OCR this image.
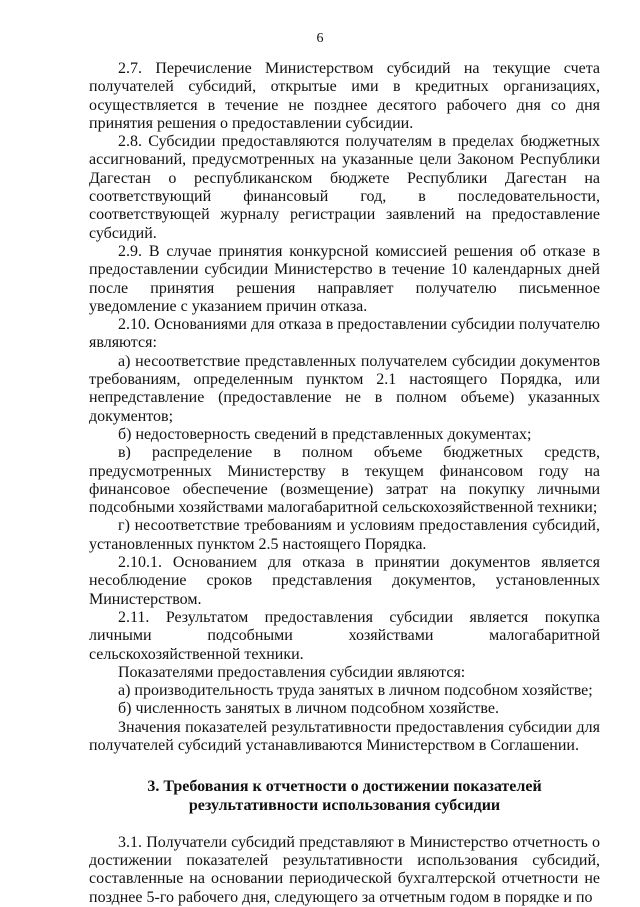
6

2.7. Перечисление Министерством субсидий на текущие счета получателей субсидий, открытые ими в кредитных организациях, осуществляется в течение не позднее десятого рабочего дня со дня принятия решения о предоставлении субсидии.

2.8. Субсидии предоставляются получателям в пределах бюджетных ассигнований, предусмотренных на указанные цели Законом Республики Дагестан о республиканском бюджете Республики Дагестан на соответствующий финансовый год, в последовательности, соответствующей журналу регистрации заявлений на предоставление субсидий.

2.9. В случае принятия конкурсной комиссией решения об отказе в предоставлении субсидии Министерство в течение 10 календарных дней после принятия решения направляет получателю письменное уведомление с указанием причин отказа.

2.10. Основаниями для отказа в предоставлении субсидии получателю являются:

а) несоответствие представленных получателем субсидии документов требованиям, определенным пунктом 2.1 настоящего Порядка, или непредставление (предоставление не в полном объеме) указанных документов;

б) недостоверность сведений в представленных документах;

в) распределение в полном объеме бюджетных средств, предусмотренных Министерству в текущем финансовом году на финансовое обеспечение (возмещение) затрат на покупку личными подсобными хозяйствами малогабаритной сельскохозяйственной техники;

г) несоответствие требованиям и условиям предоставления субсидий, установленных пунктом 2.5 настоящего Порядка.

2.10.1. Основанием для отказа в принятии документов является несоблюдение сроков представления документов, установленных Министерством.

2.11. Результатом предоставления субсидии является покупка личными подсобными хозяйствами малогабаритной сельскохозяйственной техники.

Показателями предоставления субсидии являются:

а) производительность труда занятых в личном подсобном хозяйстве;

б) численность занятых в личном подсобном хозяйстве.

Значения показателей результативности предоставления субсидии для получателей субсидий устанавливаются Министерством в Соглашении.

3. Требования к отчетности о достижении показателей
результативности использования субсидии

3.1. Получатели субсидий представляют в Министерство отчетность о достижении показателей результативности использования субсидий, составленные на основании периодической бухгалтерской отчетности не позднее 5-го рабочего дня, следующего за отчетным годом в порядке и по
